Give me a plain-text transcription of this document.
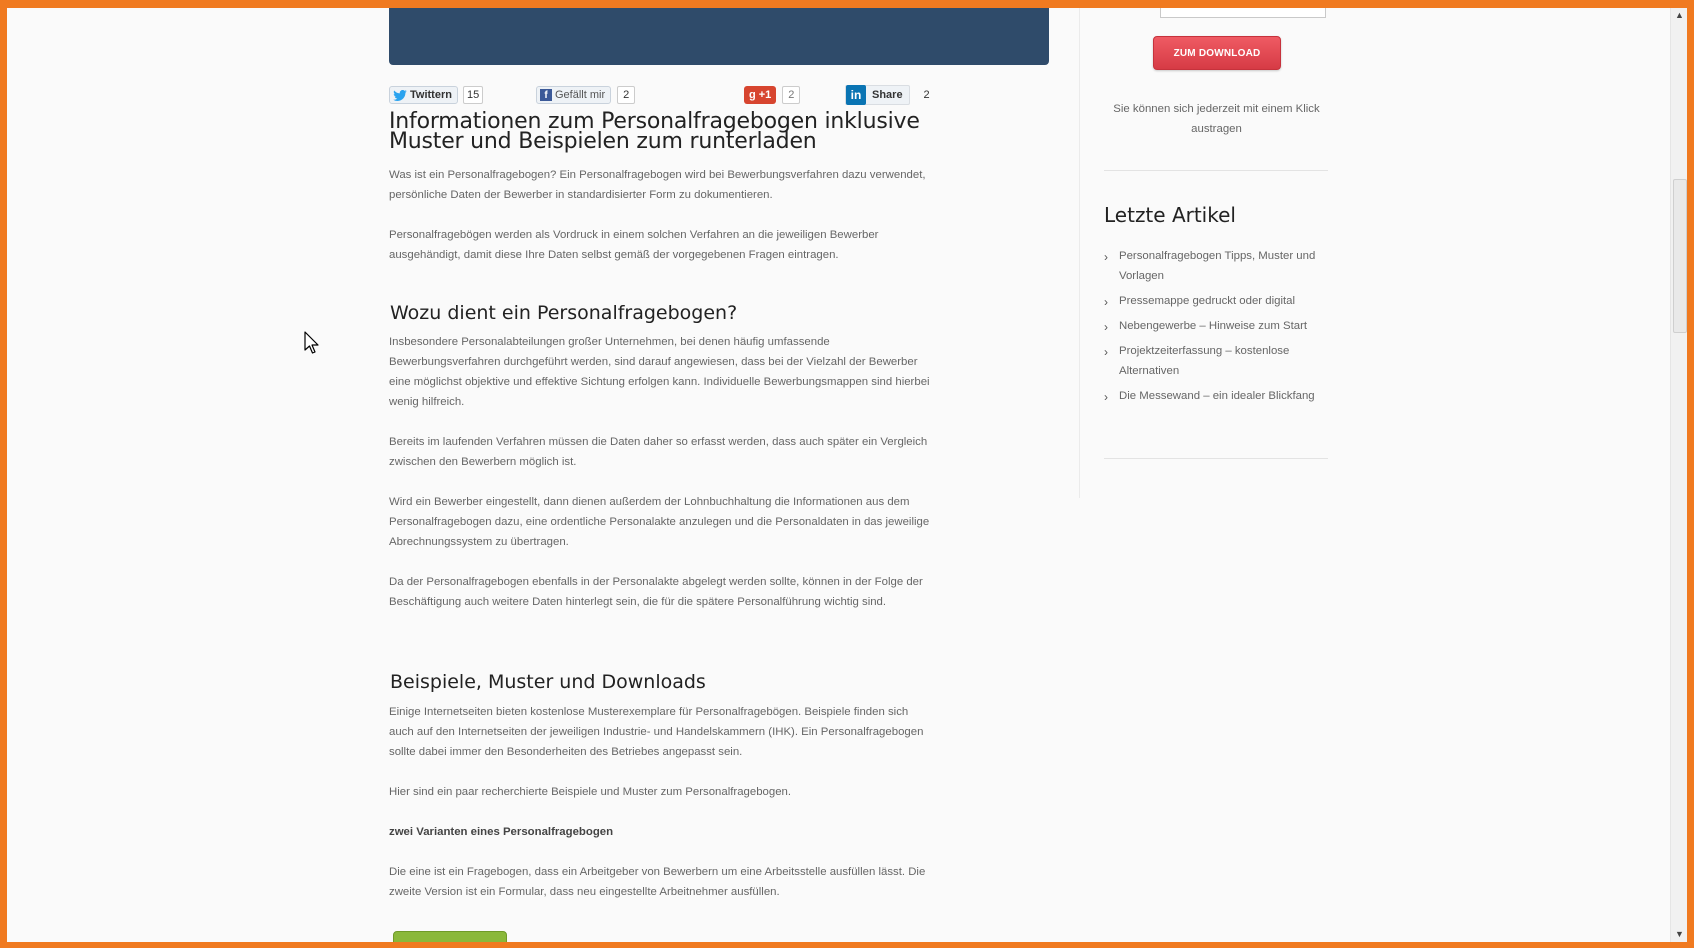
Twitter n	15	f Gefällt mir	2	g +1	2	in Share	2
Informationen zum Personalfragebogen inklusive
Muster und Beispielen zum runterladen

Was ist ein Personalfragebogen? Ein Personalfragebogen wird bei Bewerbungsverfahren dazu verwendet, persönliche Daten der Bewerber in standardisierter Form zu dokumentieren.

Personalfragebögen werden als Vordruck in einem solchen Verfahren an die jeweiligen Bewerber ausgehändigt, damit diese Ihre Daten selbst gemäß der vorgegebenen Fragen eintragen.

Wozu dient ein Personalfragebogen?

Insbesondere Personalabteilungen großer Unternehmen, bei denen häufig umfassende Bewerbungsverfahren durchgeführt werden, sind darauf angewiesen, dass bei der Vielzahl der Bewerber eine möglichst objektive und effektive Sichtung erfolgen kann. Individuelle Bewerbungsmappen sind hierbei wenig hilfreich.

Bereits im laufenden Verfahren müssen die Daten daher so erfasst werden, dass auch später ein Vergleich zwischen den Bewerbern möglich ist.

Wird ein Bewerber eingestellt, dann dienen außerdem der Lohnbuchhaltung die Informationen aus dem Personalfragebogen dazu, eine ordentliche Personalakte anzulegen und die Personaldaten in das jeweilige Abrechnungssystem zu übertragen.

Da der Personalfragebogen ebenfalls in der Personalakte abgelegt werden sollte, können in der Folge der Beschäftigung auch weitere Daten hinterlegt sein, die für die spätere Personalführung wichtig sind.

Beispiele, Muster und Downloads

Einige Internetseiten bieten kostenlose Musterexemplare für Personalfragebögen. Beispiele finden sich auch auf den Internetseiten der jeweiligen Industrie- und Handelskammern (IHK). Ein Personalfragebogen sollte dabei immer den Besonderheiten des Betriebes angepasst sein.

Hier sind ein paar recherchierte Beispiele und Muster zum Personalfragebogen.

zwei Varianten eines Personalfragebogen

Die eine ist ein Fragebogen, dass ein Arbeitgeber von Bewerbern um eine Arbeitsstelle ausfüllen lässt. Die zweite Version ist ein Formular, dass neu eingestellte Arbeitnehmer ausfüllen.

Email:
ZUM DOWNLOAD
Sie können sich jederzeit mit einem Klick austragen
Letzte Artikel
› Personalfragebogen Tipps, Muster und Vorlagen
› Pressemappe gedruckt oder digital
› Nebengewerbe – Hinweise zum Start
› Projektzeiterfassung – kostenlose Alternativen
› Die Messewand – ein idealer Blickfang
▲
▼
